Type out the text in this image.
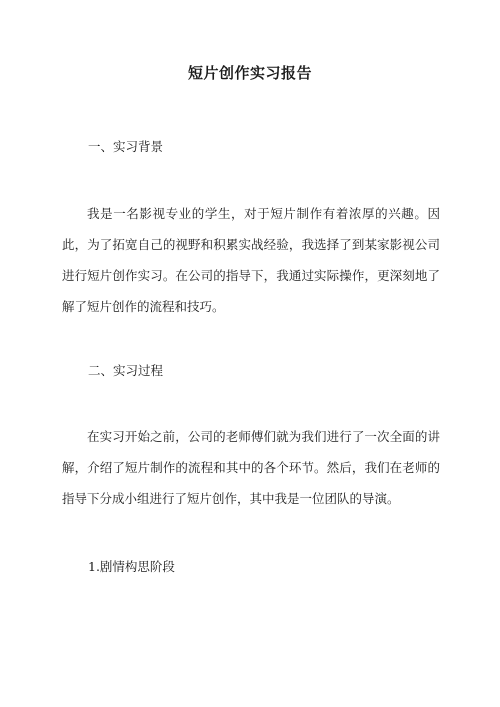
短片创作实习报告
一、实习背景

我是一名影视专业的学生，对于短片制作有着浓厚的兴趣。因此，为了拓宽自己的视野和积累实战经验，我选择了到某家影视公司进行短片创作实习。在公司的指导下，我通过实际操作，更深刻地了解了短片创作的流程和技巧。

二、实习过程

在实习开始之前，公司的老师傅们就为我们进行了一次全面的讲解，介绍了短片制作的流程和其中的各个环节。然后，我们在老师的指导下分成小组进行了短片创作，其中我是一位团队的导演。

1.剧情构思阶段
